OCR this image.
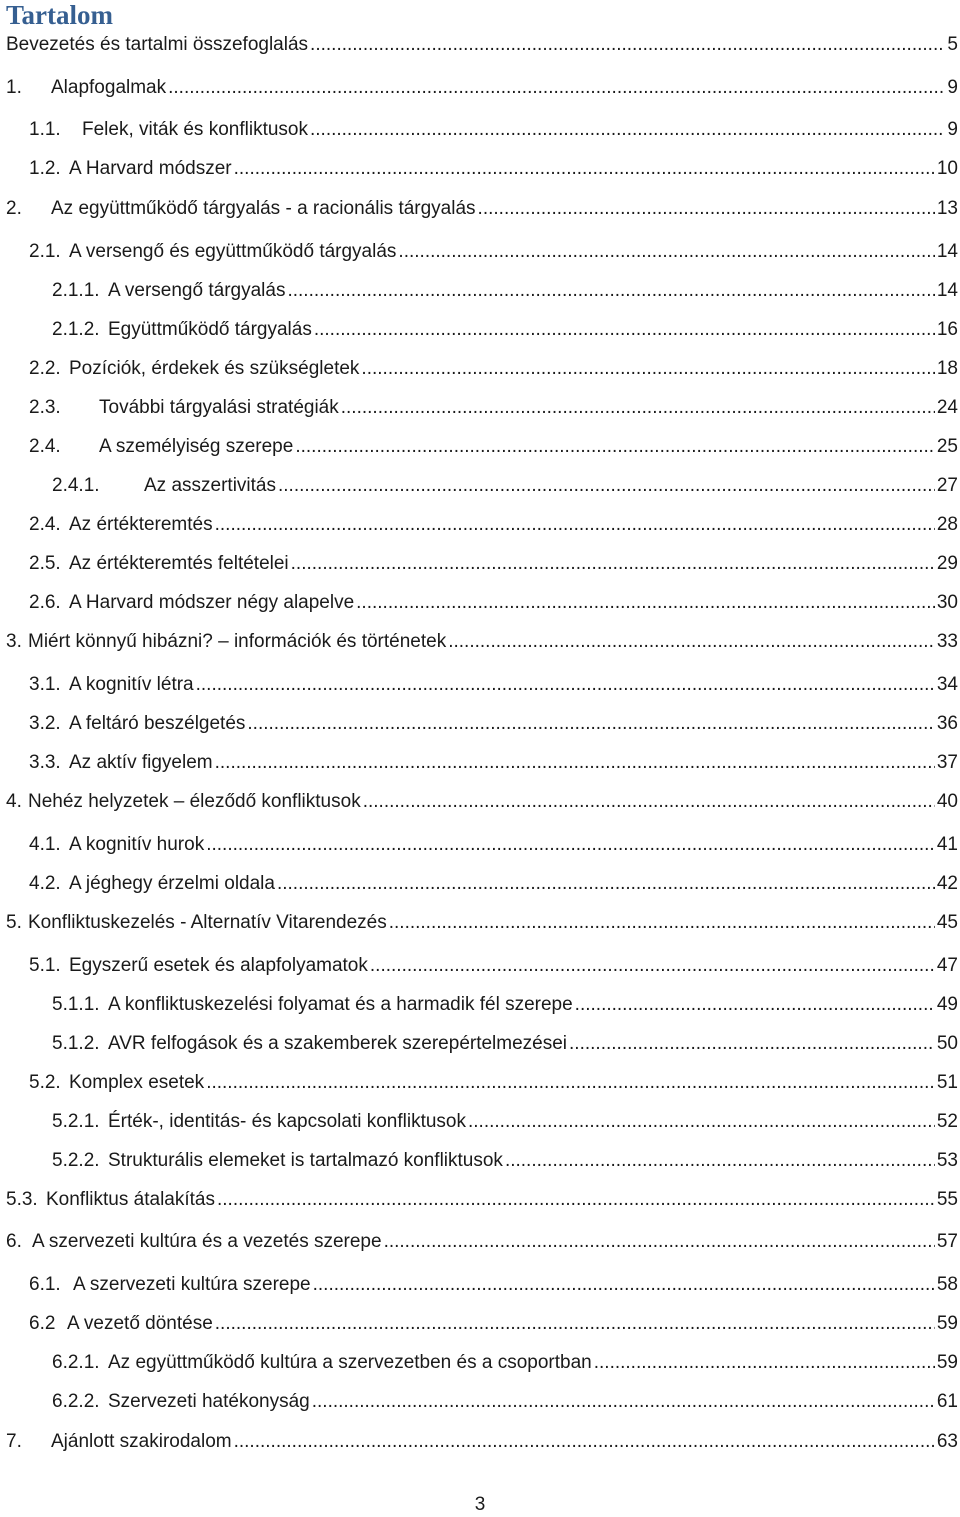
Tartalom
Bevezetés és tartalmi összefoglalás .....	5
1.	Alapfogalmak .....	9
1.1.	Felek, viták és konfliktusok .....	9
1.2. A Harvard módszer .....	10
2.	Az együttműködő tárgyalás - a racionális tárgyalás .....	13
2.1. A versengő és együttműködő tárgyalás .....	14
2.1.1. A versengő tárgyalás .....	14
2.1.2. Együttműködő tárgyalás .....	16
2.2. Pozíciók, érdekek és szükségletek .....	18
2.3.	További tárgyalási stratégiák .....	24
2.4.	A személyiség szerepe .....	25
2.4.1.	Az asszertivitás .....	27
2.4. Az értékteremtés .....	28
2.5. Az értékteremtés feltételei .....	29
2.6. A Harvard módszer négy alapelve .....	30
3. Miért könnyű hibázni? – információk és történetek .....	33
3.1. A kognitív létra .....	34
3.2. A feltáró beszélgetés .....	36
3.3. Az aktív figyelem .....	37
4. Nehéz helyzetek – éleződő konfliktusok .....	40
4.1. A kognitív hurok .....	41
4.2. A jéghegy érzelmi oldala .....	42
5. Konfliktuskezelés - Alternatív Vitarendezés .....	45
5.1. Egyszerű esetek és alapfolyamatok .....	47
5.1.1. A konfliktuskezelési folyamat és a harmadik fél szerepe .....	49
5.1.2. AVR felfogások és a szakemberek szerepértelmezései .....	50
5.2. Komplex esetek .....	51
5.2.1. Érték-, identitás- és kapcsolati konfliktusok .....	52
5.2.2. Strukturális elemeket is tartalmazó konfliktusok .....	53
5.3. Konfliktus átalakítás .....	55
6. A szervezeti kultúra és a vezetés szerepe .....	57
6.1. A szervezeti kultúra szerepe .....	58
6.2 A vezető döntése .....	59
6.2.1. Az együttműködő kultúra a szervezetben és a csoportban .....	59
6.2.2. Szervezeti hatékonyság .....	61
7.	Ajánlott szakirodalom .....	63
3
